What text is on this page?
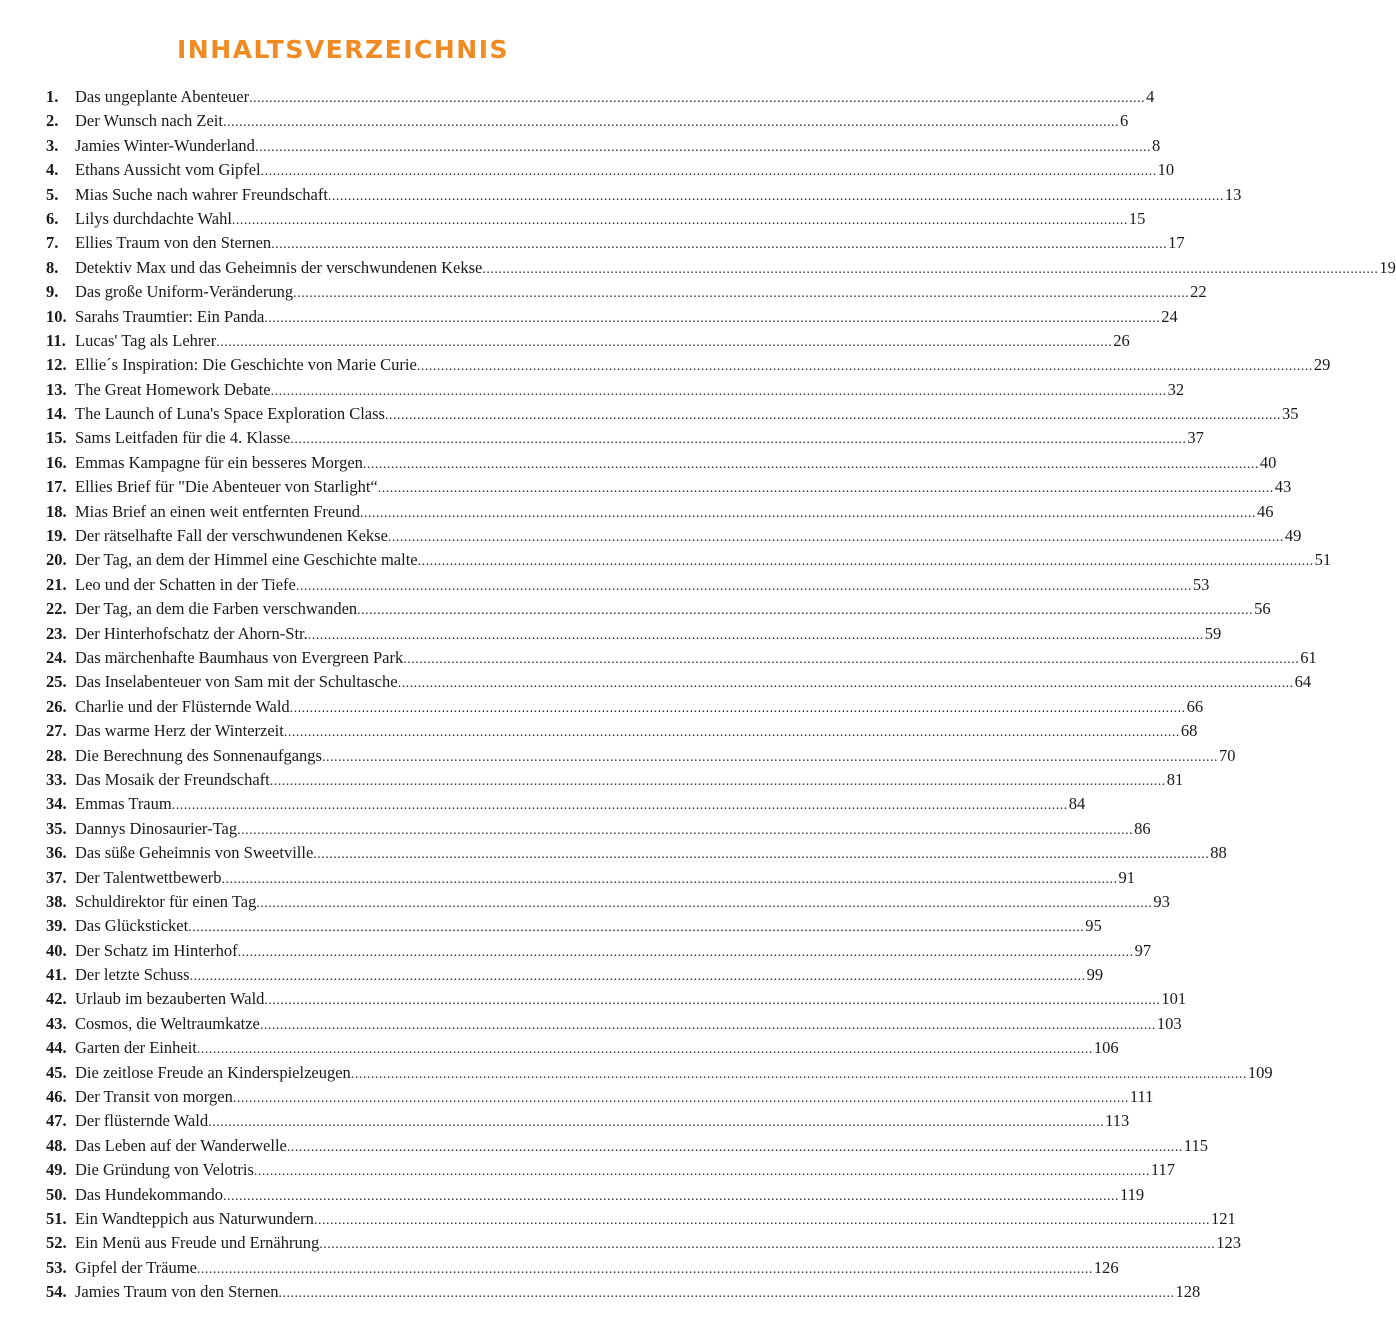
INHALTSVERZEICHNIS
1.	Das ungeplante Abenteuer .....	4
2.	Der Wunsch nach Zeit .....	6
3.	Jamies Winter-Wunderland .....	8
4.	Ethans Aussicht vom Gipfel .....	10
5.	Mias Suche nach wahrer Freundschaft .....	13
6.	Lilys durchdachte Wahl .....	15
7.	Ellies Traum von den Sternen .....	17
8.	Detektiv Max und das Geheimnis der verschwundenen Kekse .....	19
9.	Das große Uniform-Veränderung .....	22
10. Sarahs Traumtier: Ein Panda .....	24
11. Lucas' Tag als Lehrer .....	26
12. Ellie´s Inspiration: Die Geschichte von Marie Curie .....	29
13. The Great Homework Debate .....	32
14. The Launch of Luna's Space Exploration Class .....	35
15. Sams Leitfaden für die 4. Klasse .....	37
16. Emmas Kampagne für ein besseres Morgen .....	40
17. Ellies Brief für "Die Abenteuer von Starlight“ .....	43
18. Mias Brief an einen weit entfernten Freund .....	46
19. Der rätselhafte Fall der verschwundenen Kekse .....	49
20. Der Tag, an dem der Himmel eine Geschichte malte .....	51
21. Leo und der Schatten in der Tiefe .....	53
22. Der Tag, an dem die Farben verschwanden .....	56
23. Der Hinterhofschatz der Ahorn-Str. .....	59
24. Das märchenhafte Baumhaus von Evergreen Park .....	61
25. Das Inselabenteuer von Sam mit der Schultasche .....	64
26. Charlie und der Flüsternde Wald .....	66
27. Das warme Herz der Winterzeit .....	68
28. Die Berechnung des Sonnenaufgangs .....	70
33. Das Mosaik der Freundschaft .....	81
34. Emmas Traum .....	84
35. Dannys Dinosaurier-Tag .....	86
36. Das süße Geheimnis von Sweetville .....	88
37. Der Talentwettbewerb .....	91
38. Schuldirektor für einen Tag .....	93
39. Das Glücksticket .....	95
40. Der Schatz im Hinterhof .....	97
41. Der letzte Schuss .....	99
42. Urlaub im bezauberten Wald .....	101
43. Cosmos, die Weltraumkatze .....	103
44. Garten der Einheit .....	106
45. Die zeitlose Freude an Kinderspielzeugen .....	109
46. Der Transit von morgen .....	111
47. Der flüsternde Wald .....	113
48. Das Leben auf der Wanderwelle .....	115
49. Die Gründung von Velotris .....	117
50. Das Hundekommando .....	119
51. Ein Wandteppich aus Naturwundern .....	121
52. Ein Menü aus Freude und Ernährung .....	123
53. Gipfel der Träume .....	126
54. Jamies Traum von den Sternen .....	128
